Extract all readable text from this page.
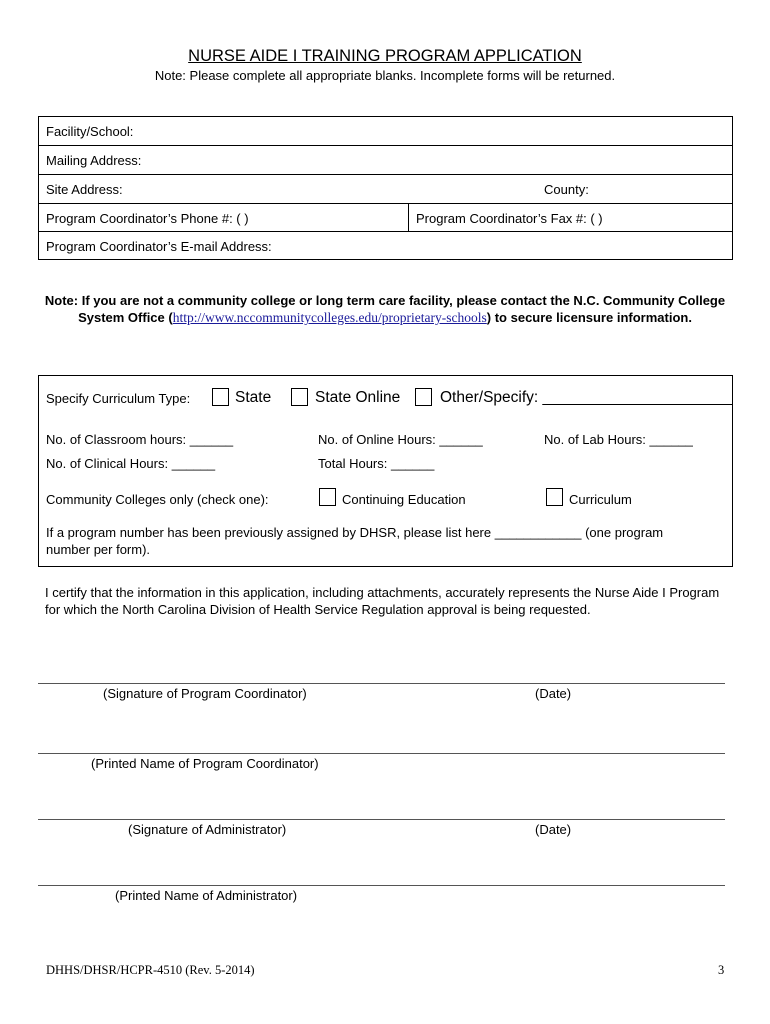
NURSE AIDE I TRAINING PROGRAM APPLICATION
Note: Please complete all appropriate blanks. Incomplete forms will be returned.
Facility/School:
Mailing Address:
Site Address:	County:
Program Coordinator’s Phone #: ( )	Program Coordinator’s Fax #: ( )
Program Coordinator’s E-mail Address:
Note: If you are not a community college or long term care facility, please contact the N.C. Community College System Office (http://www.nccommunitycolleges.edu/proprietary-schools) to secure licensure information.
Specify Curriculum Type:	State	State Online	Other/Specify: ______________________
No. of Classroom hours: ______	No. of Online Hours: ______	No. of Lab Hours: ______
No. of Clinical Hours: ______	Total Hours: ______
Community Colleges only (check one):	Continuing Education	Curriculum
If a program number has been previously assigned by DHSR, please list here ____________ (one program
number per form).
I certify that the information in this application, including attachments, accurately represents the Nurse Aide I Program for which the North Carolina Division of Health Service Regulation approval is being requested.
(Signature of Program Coordinator)	(Date)
(Printed Name of Program Coordinator)
(Signature of Administrator)	(Date)
(Printed Name of Administrator)
DHHS/DHSR/HCPR-4510 (Rev. 5-2014)	3
